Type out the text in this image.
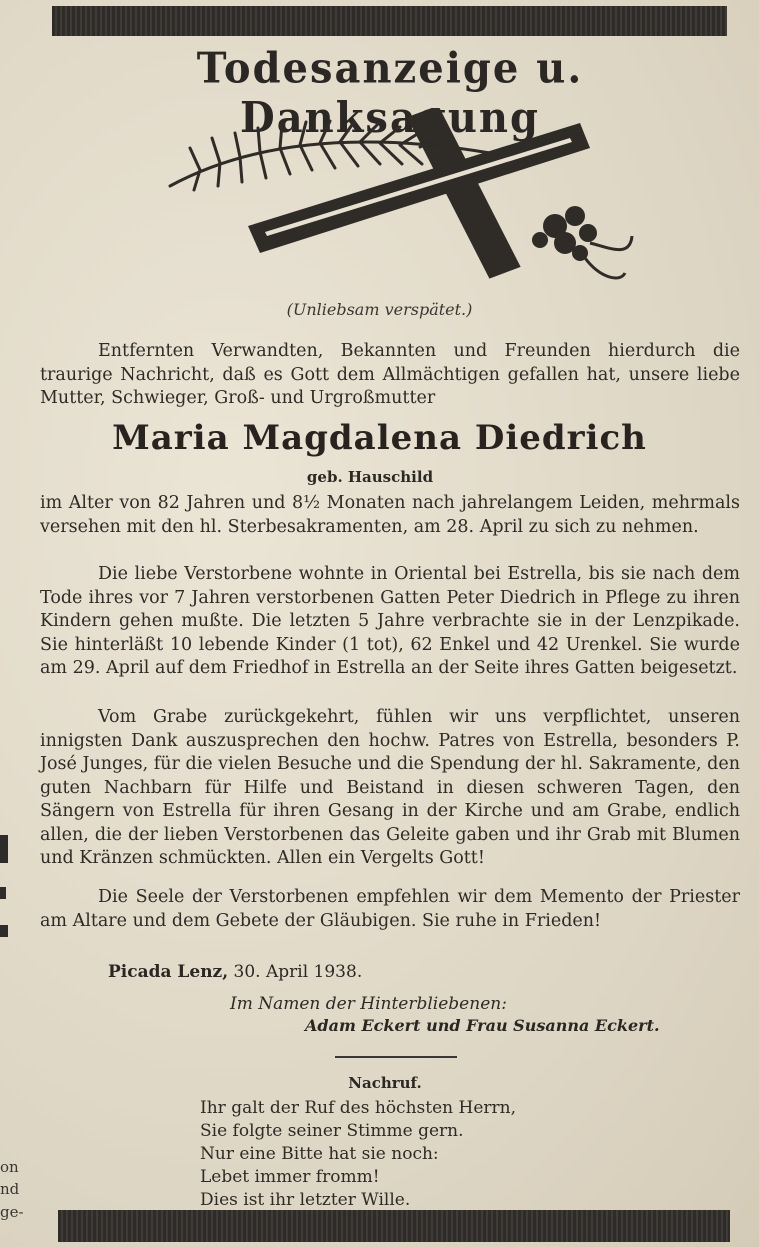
Todesanzeige u. Danksagung
(Unliebsam verspätet.)

Entfernten Verwandten, Bekannten und Freunden hierdurch die traurige Nachricht, daß es Gott dem Allmächtigen gefallen hat, unsere liebe Mutter, Schwieger, Groß- und Urgroßmutter

Maria Magdalena Diedrich
geb. Hauschild

im Alter von 82 Jahren und 8½ Monaten nach jahrelangem Leiden, mehrmals versehen mit den hl. Sterbesakramenten, am 28. April zu sich zu nehmen.

Die liebe Verstorbene wohnte in Oriental bei Estrella, bis sie nach dem Tode ihres vor 7 Jahren verstorbenen Gatten Peter Diedrich in Pflege zu ihren Kindern gehen mußte. Die letzten 5 Jahre verbrachte sie in der Lenzpikade. Sie hinterläßt 10 lebende Kinder (1 tot), 62 Enkel und 42 Urenkel. Sie wurde am 29. April auf dem Friedhof in Estrella an der Seite ihres Gatten beigesetzt.

Vom Grabe zurückgekehrt, fühlen wir uns verpflichtet, unseren innigsten Dank auszusprechen den hochw. Patres von Estrella, besonders P. José Junges, für die vielen Besuche und die Spendung der hl. Sakramente, den guten Nachbarn für Hilfe und Beistand in diesen schweren Tagen, den Sängern von Estrella für ihren Gesang in der Kirche und am Grabe, endlich allen, die der lieben Verstorbenen das Geleite gaben und ihr Grab mit Blumen und Kränzen schmückten. Allen ein Vergelts Gott!

Die Seele der Verstorbenen empfehlen wir dem Memento der Priester am Altare und dem Gebete der Gläubigen. Sie ruhe in Frieden!

Picada Lenz, 30. April 1938.
Im Namen der Hinterbliebenen:
Adam Eckert und Frau Susanna Eckert.
Nachruf.
Ihr galt der Ruf des höchsten Herrn,
Sie folgte seiner Stimme gern.
Nur eine Bitte hat sie noch:
Lebet immer fromm!
Dies ist ihr letzter Wille.
on
nd
ge-
